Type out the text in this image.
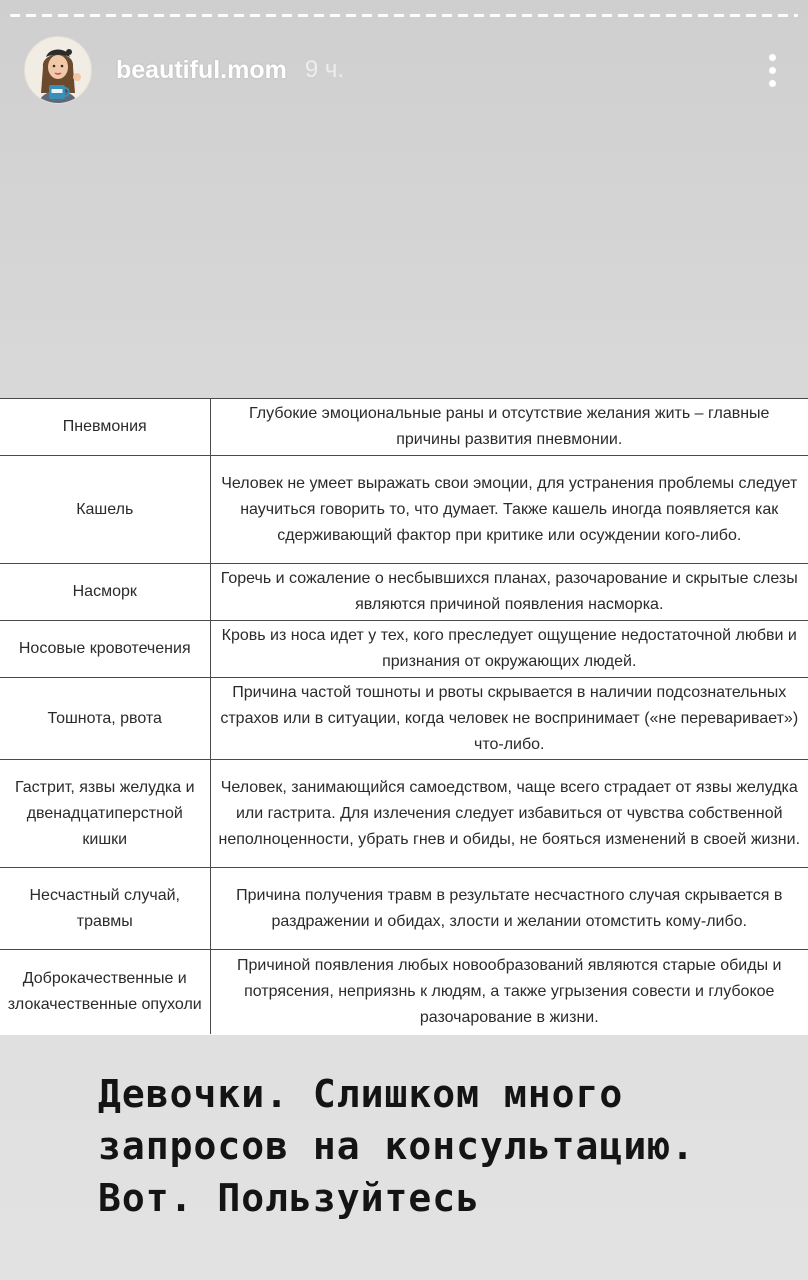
beautiful.mom 9 ч.
Пневмония	Глубокие эмоциональные раны и отсутствие желания жить – главные причины развития пневмонии.
Кашель	Человек не умеет выражать свои эмоции, для устранения проблемы следует научиться говорить то, что думает. Также кашель иногда появляется как сдерживающий фактор при критике или осуждении кого-либо.
Насморк	Горечь и сожаление о несбывшихся планах, разочарование и скрытые слезы являются причиной появления насморка.
Носовые кровотечения	Кровь из носа идет у тех, кого преследует ощущение недостаточной любви и признания от окружающих людей.
Тошнота, рвота	Причина частой тошноты и рвоты скрывается в наличии подсознательных страхов или в ситуации, когда человек не воспринимает («не переваривает») что-либо.
Гастрит, язвы желудка и двенадцатиперстной кишки	Человек, занимающийся самоедством, чаще всего страдает от язвы желудка или гастрита. Для излечения следует избавиться от чувства собственной неполноценности, убрать гнев и обиды, не бояться изменений в своей жизни.
Несчастный случай, травмы	Причина получения травм в результате несчастного случая скрывается в раздражении и обидах, злости и желании отомстить кому-либо.
Доброкачественные и злокачественные опухоли	Причиной появления любых новообразований являются старые обиды и потрясения, неприязнь к людям, а также угрызения совести и глубокое разочарование в жизни.
Девочки. Слишком много запросов на консультацию. Вот. Пользуйтесь
